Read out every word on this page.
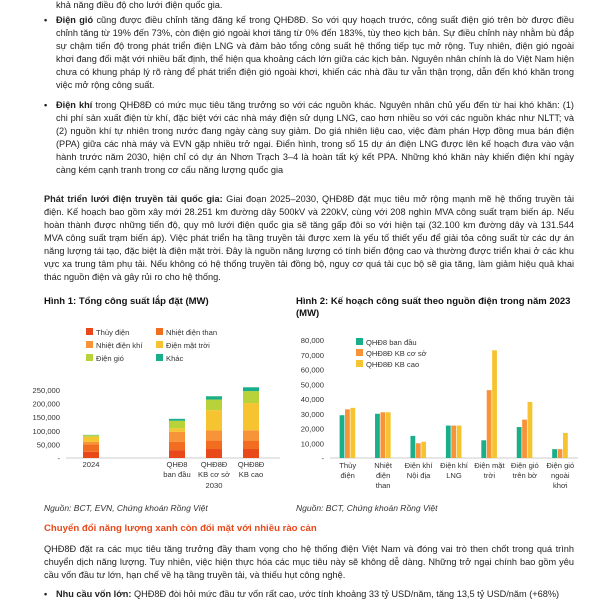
khả năng điều độ cho lưới điện quốc gia.
• Điện gió cũng được điều chỉnh tăng đăng kế trong QHĐ8Đ. So với quy hoạch trước, công suất điện gió trên bờ được điều chỉnh tăng từ 19% đến 73%, còn điện gió ngoài khơi tăng từ 0% đến 183%, tùy theo kịch bản. Sự điều chỉnh này nhằm bù đắp sự chậm tiến độ trong phát triển điện LNG và đảm bảo tổng công suất hệ thống tiếp tục mở rộng. Tuy nhiên, điện gió ngoài khơi đang đối mặt với nhiều bất định, thể hiện qua khoảng cách lớn giữa các kịch bản. Nguyên nhân chính là do Việt Nam hiện chưa có khung pháp lý rõ ràng để phát triển điện gió ngoài khơi, khiến các nhà đầu tư vẫn thận trọng, dẫn đến khó khăn trong việc mở rộng công suất.
• Điện khí trong QHĐ8Đ có mức mục tiêu tăng trưởng so với các nguồn khác. Nguyên nhân chủ yếu đến từ hai khó khăn: (1) chi phí sản xuất điện từ khí, đặc biệt với các nhà máy điện sử dụng LNG, cao hơn nhiều so với các nguồn khác như NLTT; và (2) nguồn khí tự nhiên trong nước đang ngày càng suy giảm. Do giá nhiên liệu cao, việc đàm phán Hợp đồng mua bán điện (PPA) giữa các nhà máy và EVN gặp nhiều trở ngại. Điển hình, trong số 15 dự án điện LNG được lên kế hoạch đưa vào vận hành trước năm 2030, hiện chỉ có dự án Nhơn Trạch 3–4 là hoàn tất ký kết PPA. Những khó khăn này khiến điện khí ngày càng kém cạnh tranh trong cơ cấu năng lượng quốc gia
Phát triển lưới điện truyền tải quốc gia: Giai đoạn 2025–2030, QHĐ8Đ đặt mục tiêu mở rộng mạnh mẽ hệ thống truyền tải điện. Kế hoạch bao gồm xây mới 28.251 km đường dây 500kV và 220kV, cùng với 208 nghìn MVA công suất trạm biến áp. Nếu hoàn thành được những tiến độ, quy mô lưới điện quốc gia sẽ tăng gấp đôi so với hiện tại (32.100 km đường dây và 131.544 MVA công suất trạm biến áp). Việc phát triển hạ tầng truyền tải được xem là yếu tố thiết yếu để giải tỏa công suất từ các dự án năng lượng tái tạo, đặc biệt là điện mặt trời. Đây là nguồn năng lượng có tính biến động cao và thường được triển khai ở các khu vực xa trung tâm phụ tải. Nếu không có hệ thống truyền tải đồng bộ, nguy cơ quá tải cục bộ sẽ gia tăng, làm giảm hiệu quả khai thác nguồn điện và gây rủi ro cho hệ thống.
Hình 1: Tổng công suất lắp đặt (MW)	Hình 2: Kế hoạch công suất theo nguồn điện trong năm 2023 (MW)
Thủy điện	Nhiệt điện than
Nhiệt điện khí	Điện mặt trời
Điện gió	Khác
-
50,000
100,000
150,000
200,000
250,000
2024	QHĐ8
ban đầu
QHĐ8Đ
KB cơ sở
QHĐ8Đ
KB cao
2030
QHĐ8 ban đầu
QHĐ8Đ KB cơ sở
QHĐ8Đ KB cao
-
10,000
20,000
30,000
40,000
50,000
60,000
70,000
80,000
Thủy
điện
Nhiệt
điện
than
Điện khí
Nội địa
Điện khí
LNG
Điện mặt
trời
Điện gió
trên bờ
Điện gió
ngoài
khơi
Nguồn: BCT, EVN, Chứng khoán Rồng Việt	Nguồn: BCT, Chứng khoán Rồng Việt
Chuyển đổi năng lượng xanh còn đối mặt với nhiều rào cản
QHĐ8Đ đặt ra các mục tiêu tăng trưởng đầy tham vọng cho hệ thống điện Việt Nam và đóng vai trò then chốt trong quá trình chuyển dịch năng lượng. Tuy nhiên, việc hiện thực hóa các mục tiêu này sẽ không dễ dàng. Những trở ngại chính bao gồm yêu cầu vốn đầu tư lớn, hạn chế về hạ tầng truyền tải, và thiếu hụt công nghệ.
• Nhu cầu vốn lớn: QHĐ8Đ đòi hỏi mức đầu tư vốn rất cao, ước tính khoảng 33 tỷ USD/năm, tăng 13,5 tỷ USD/năm (+68%)
